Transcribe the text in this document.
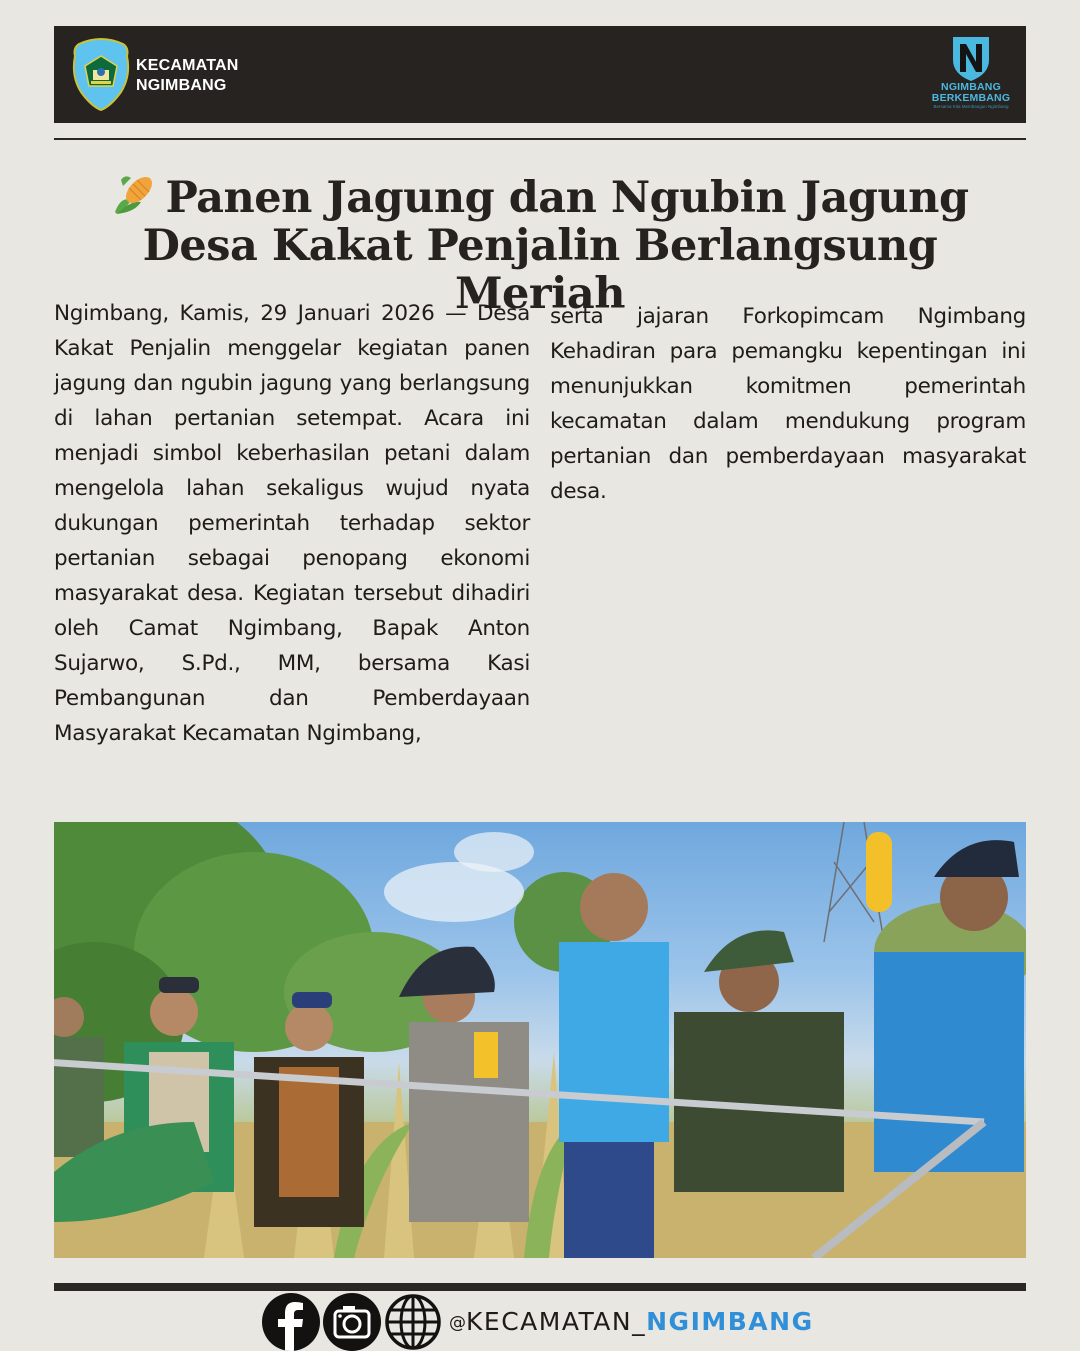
KECAMATAN
NGIMBANG	NGIMBANG
BERKEMBANG
Bersama Kita Membangun Ngimbang
Panen Jagung dan Ngubin Jagung
Desa Kakat Penjalin Berlangsung Meriah

Ngimbang, Kamis, 29 Januari 2026 — Desa Kakat Penjalin menggelar kegiatan panen jagung dan ngubin jagung yang berlangsung di lahan pertanian setempat. Acara ini menjadi simbol keberhasilan petani dalam mengelola lahan sekaligus wujud nyata dukungan pemerintah terhadap sektor pertanian sebagai penopang ekonomi masyarakat desa. Kegiatan tersebut dihadiri oleh Camat Ngimbang, Bapak Anton Sujarwo, S.Pd., MM, bersama Kasi Pembangunan dan Pemberdayaan Masyarakat Kecamatan Ngimbang,

serta jajaran Forkopimcam Ngimbang Kehadiran para pemangku kepentingan ini menunjukkan komitmen pemerintah kecamatan dalam mendukung program pertanian dan pemberdayaan masyarakat desa.

@KECAMATAN_NGIMBANG
